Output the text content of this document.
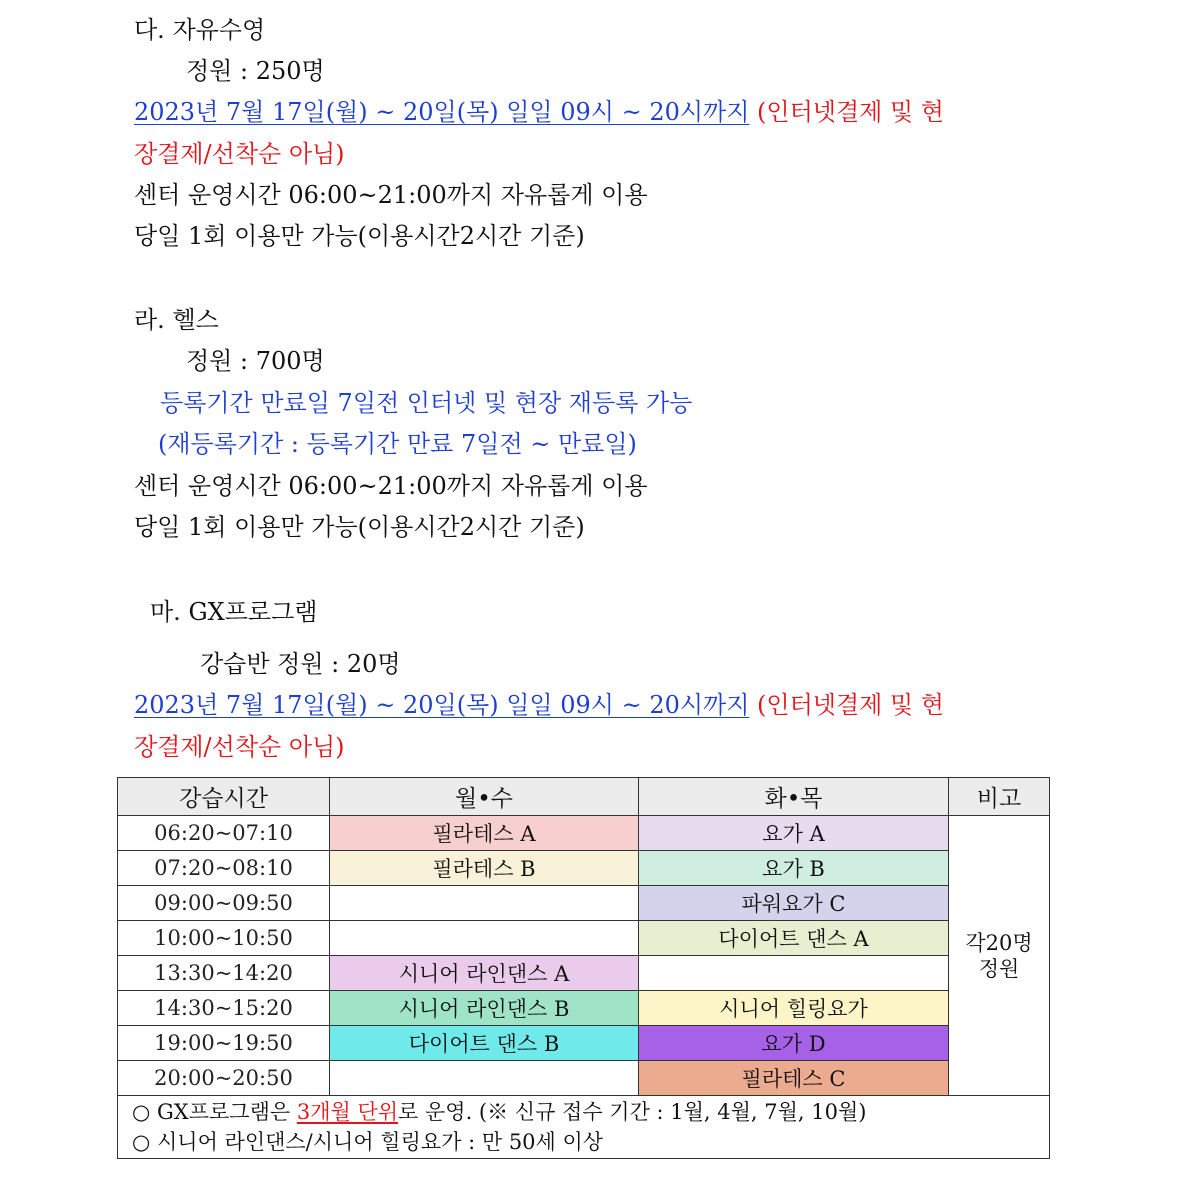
다. 자유수영
정원 : 250명
2023년 7월 17일(월) ~ 20일(목) 일일 09시 ~ 20시까지 (인터넷결제 및 현
장결제/선착순 아님)
센터 운영시간 06:00~21:00까지 자유롭게 이용
당일 1회 이용만 가능(이용시간2시간 기준)
라. 헬스
정원 : 700명
등록기간 만료일 7일전 인터넷 및 현장 재등록 가능
(재등록기간 : 등록기간 만료 7일전 ~ 만료일)
센터 운영시간 06:00~21:00까지 자유롭게 이용
당일 1회 이용만 가능(이용시간2시간 기준)
마. GX프로그램
강습반 정원 : 20명
2023년 7월 17일(월) ~ 20일(목) 일일 09시 ~ 20시까지 (인터넷결제 및 현
장결제/선착순 아님)
강습시간	월•수	화•목	비고
06:20~07:10	필라테스 A	요가 A	각20명
정원
07:20~08:10	필라테스 B	요가 B	
09:00~09:50		파워요가 C	
10:00~10:50		다이어트 댄스 A	
13:30~14:20	시니어 라인댄스 A		
14:30~15:20	시니어 라인댄스 B	시니어 힐링요가	
19:00~19:50	다이어트 댄스 B	요가 D	
20:00~20:50		필라테스 C	

○ GX프로그램은 3개월 단위로 운영. (※ 신규 접수 기간 : 1월, 4월, 7월, 10월)
○ 시니어 라인댄스/시니어 힐링요가 : 만 50세 이상			
